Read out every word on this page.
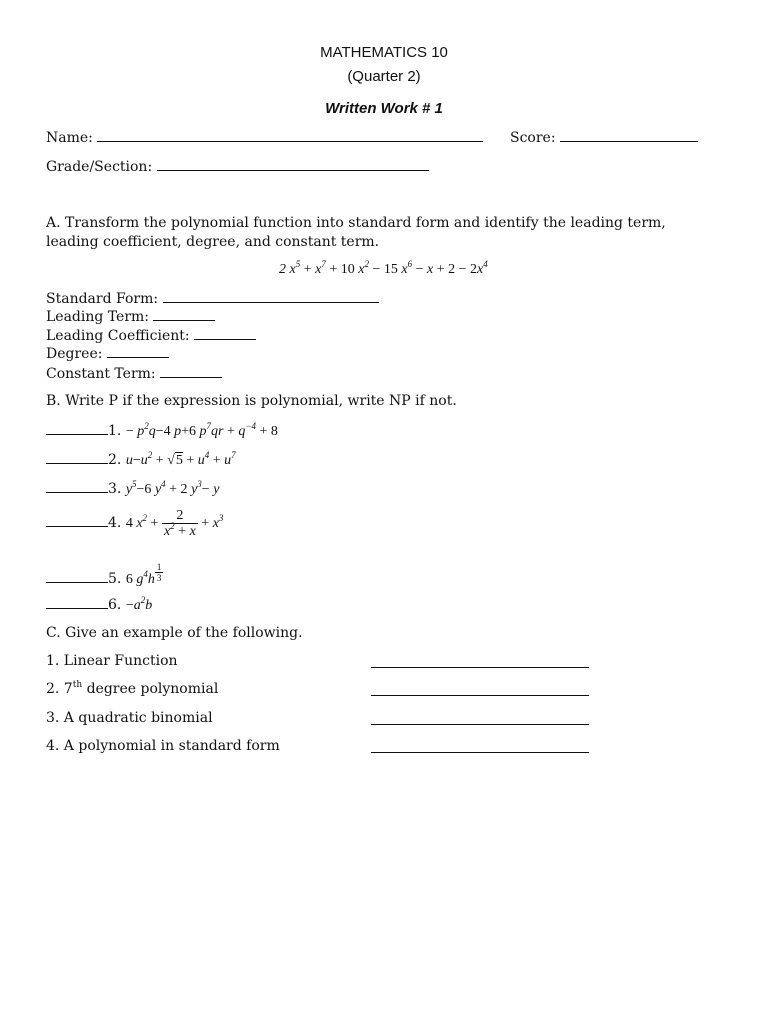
MATHEMATICS 10
(Quarter 2)
Written Work # 1
Name:	Score:
Grade/Section:
A. Transform the polynomial function into standard form and identify the leading term,
leading coefficient, degree, and constant term.
2 $x^5 + x^7 + 10$ $x^2 - 15$ $x^6 - x + 2 - 2x^4$
Standard Form:
Leading Term:
Leading Coefficient:
Degree:
Constant Term:
B. Write P if the expression is polynomial, write NP if not.
1. − $p^2q-4$ p+6 $p^7qr + q^{-4} + 8$
2. $u-u^2 + √5 + u^4 + u^7$
3. $y^5-6$ $y^4 + 2$ $y^3- y$
4. 4 $x^2 + \frac{2}{x^2 + x} + x^3$
5. 6 $g^4h$ $^{\frac{1}{3}}$
6. $-a^2b$
C. Give an example of the following.
1. Linear Function
2. 7th degree polynomial
3. A quadratic binomial
4. A polynomial in standard form
